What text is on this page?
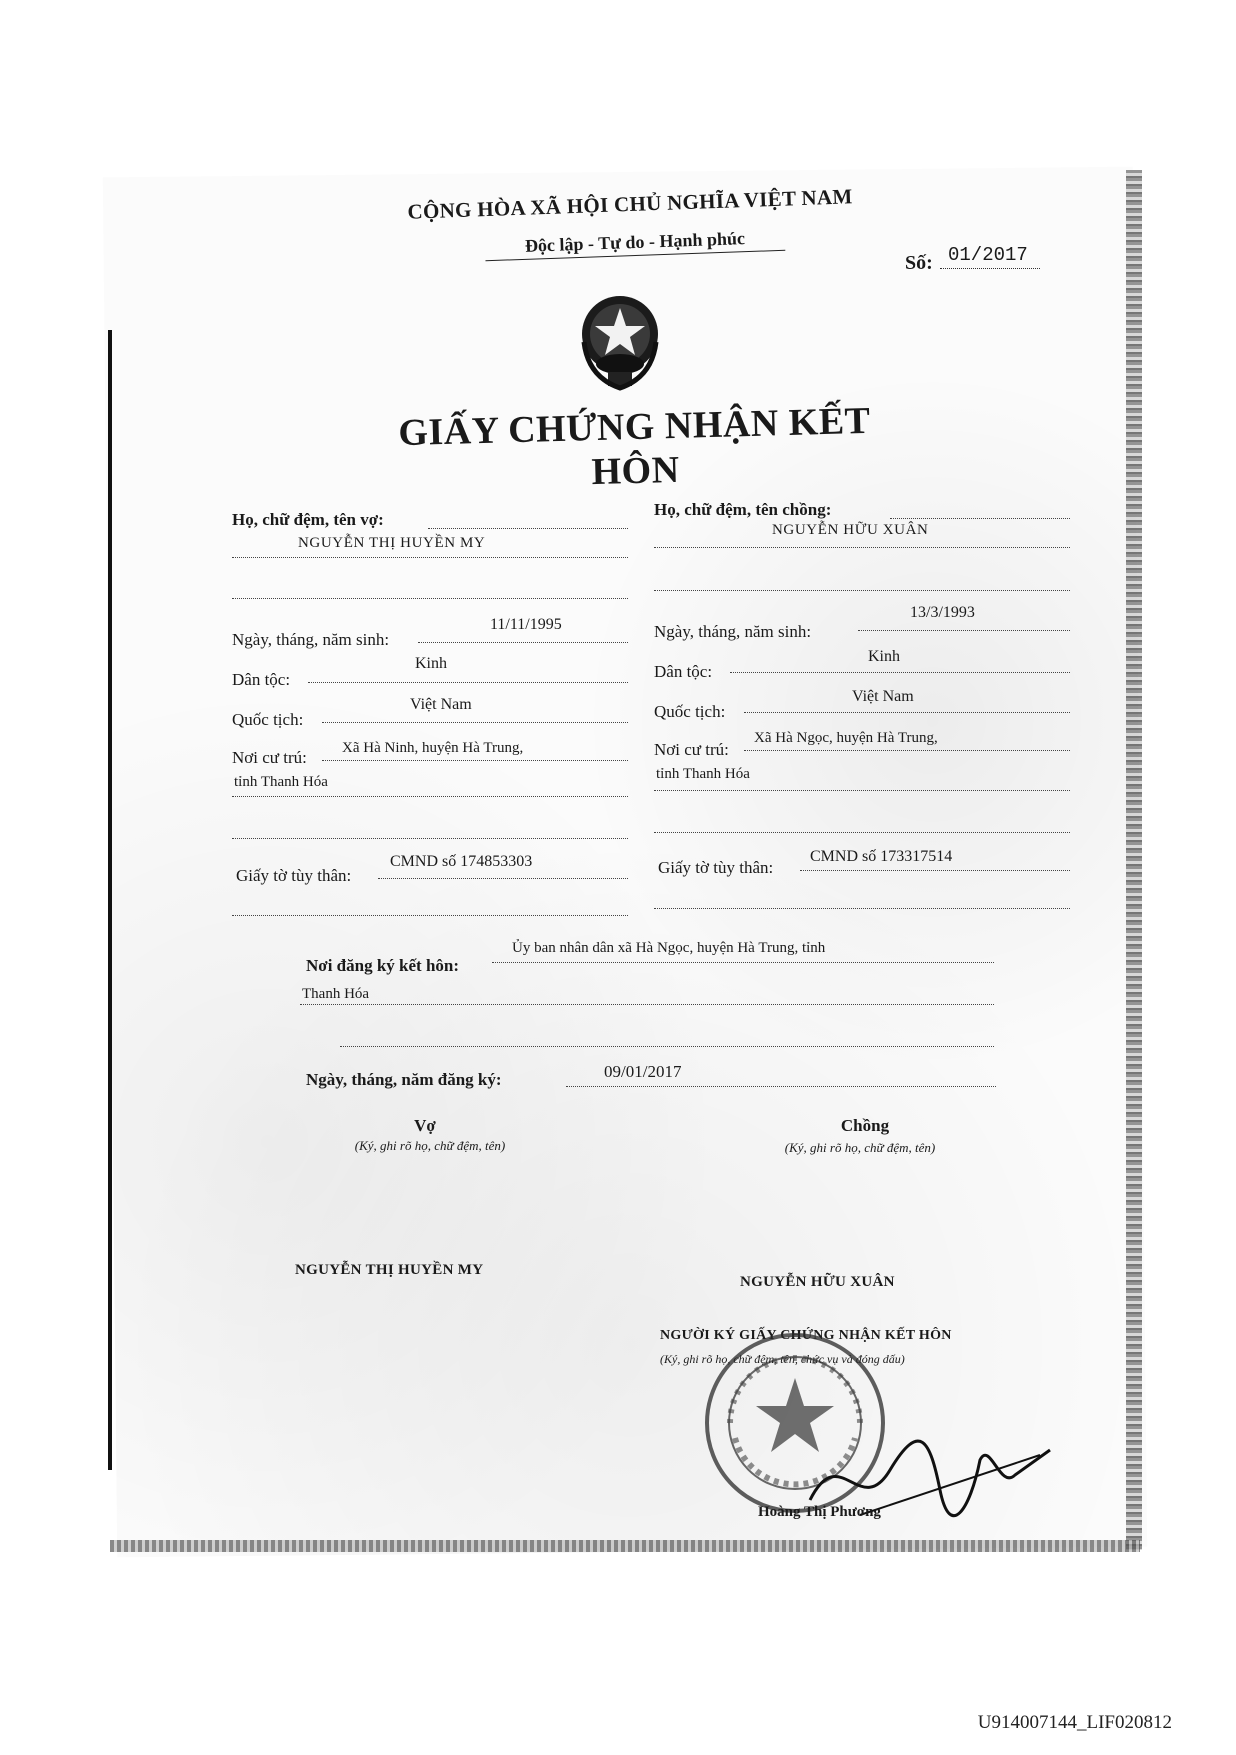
CỘNG HÒA XÃ HỘI CHỦ NGHĨA VIỆT NAM
Độc lập - Tự do - Hạnh phúc
Số: 01/2017
GIẤY CHỨNG NHẬN KẾT HÔN
Họ, chữ đệm, tên vợ:
NGUYỄN THỊ HUYỀN MY
Ngày, tháng, năm sinh:
11/11/1995
Dân tộc:
Kinh
Quốc tịch:
Việt Nam
Nơi cư trú: Xã Hà Ninh, huyện Hà Trung,
tỉnh Thanh Hóa
Giấy tờ tùy thân:
CMND số 174853303
Họ, chữ đệm, tên chồng:
NGUYỄN HỮU XUÂN
Ngày, tháng, năm sinh:
13/3/1993
Dân tộc:
Kinh
Quốc tịch:
Việt Nam
Nơi cư trú:
Xã Hà Ngọc, huyện Hà Trung,
tỉnh Thanh Hóa
Giấy tờ tùy thân:
CMND số 173317514
Nơi đăng ký kết hôn:
Ủy ban nhân dân xã Hà Ngọc, huyện Hà Trung, tỉnh
Thanh Hóa
Ngày, tháng, năm đăng ký:	09/01/2017
Vợ
(Ký, ghi rõ họ, chữ đệm, tên)
NGUYỄN THỊ HUYỀN MY
Chồng
(Ký, ghi rõ họ, chữ đệm, tên)
NGUYỄN HỮU XUÂN
NGƯỜI KÝ GIẤY CHỨNG NHẬN KẾT HÔN
(Ký, ghi rõ họ, chữ đệm, tên, chức vụ và đóng dấu)
Hoàng Thị Phương
U914007144_LIF020812
